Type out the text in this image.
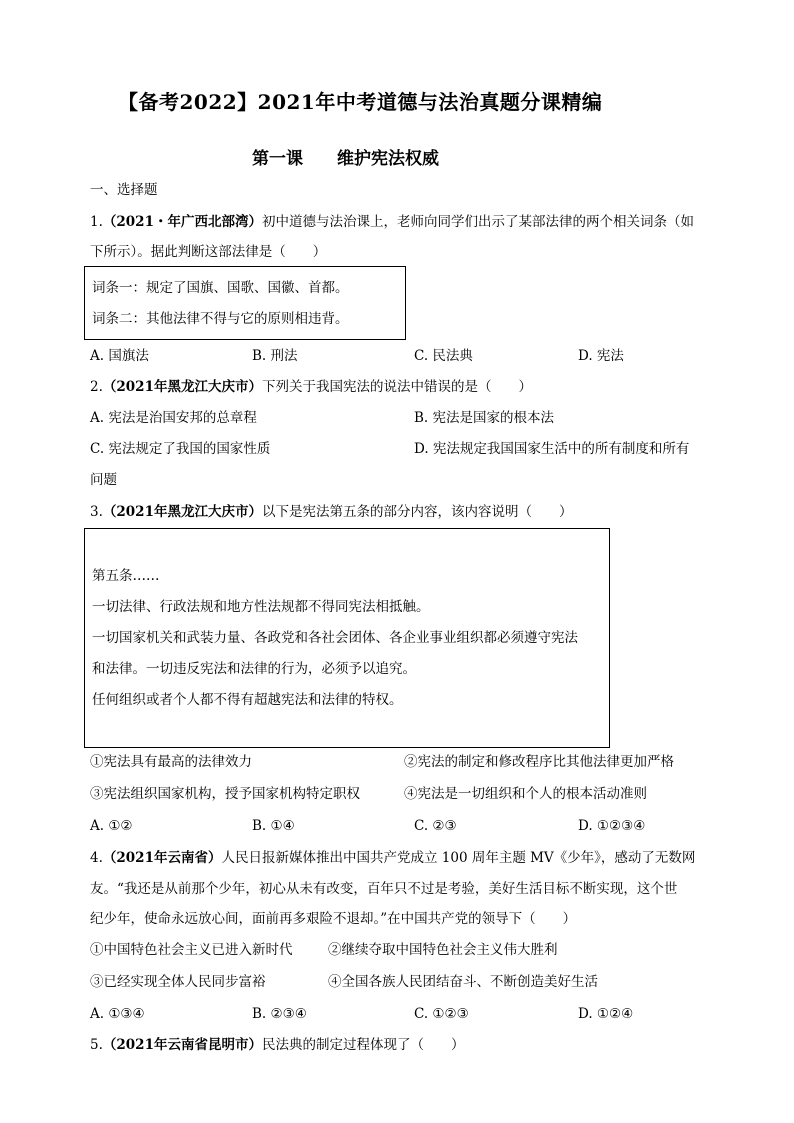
【备考2022】2021年中考道德与法治真题分课精编
第一课　　维护宪法权威
一、选择题
1.（2021・年广西北部湾）初中道德与法治课上，老师向同学们出示了某部法律的两个相关词条（如
下所示）。据此判断这部法律是（　　）
词条一：规定了国旗、国歌、国徽、首都。
词条二：其他法律不得与它的原则相违背。
A. 国旗法	B. 刑法	C. 民法典	D. 宪法
2.（2021年黑龙江大庆市）下列关于我国宪法的说法中错误的是（　　）
A. 宪法是治国安邦的总章程	B. 宪法是国家的根本法
C. 宪法规定了我国的国家性质	D. 宪法规定我国国家生活中的所有制度和所有
问题
3.（2021年黑龙江大庆市）以下是宪法第五条的部分内容，该内容说明（　　）
第五条……
一切法律、行政法规和地方性法规都不得同宪法相抵触。
一切国家机关和武装力量、各政党和各社会团体、各企业事业组织都必须遵守宪法
和法律。一切违反宪法和法律的行为，必须予以追究。
任何组织或者个人都不得有超越宪法和法律的特权。
①宪法具有最高的法律效力	②宪法的制定和修改程序比其他法律更加严格
③宪法组织国家机构，授予国家机构特定职权	④宪法是一切组织和个人的根本活动准则
A. ①②	B. ①④	C. ②③	D. ①②③④
4.（2021年云南省）人民日报新媒体推出中国共产党成立 100 周年主题 MV《少年》，感动了无数网
友。“我还是从前那个少年，初心从未有改变，百年只不过是考验，美好生活目标不断实现，这个世
纪少年，使命永远放心间，面前再多艰险不退却。”在中国共产党的领导下（　　）
①中国特色社会主义已进入新时代	②继续夺取中国特色社会主义伟大胜利
③已经实现全体人民同步富裕	④全国各族人民团结奋斗、不断创造美好生活
A. ①③④	B. ②③④	C. ①②③	D. ①②④
5.（2021年云南省昆明市）民法典的制定过程体现了（　　）
